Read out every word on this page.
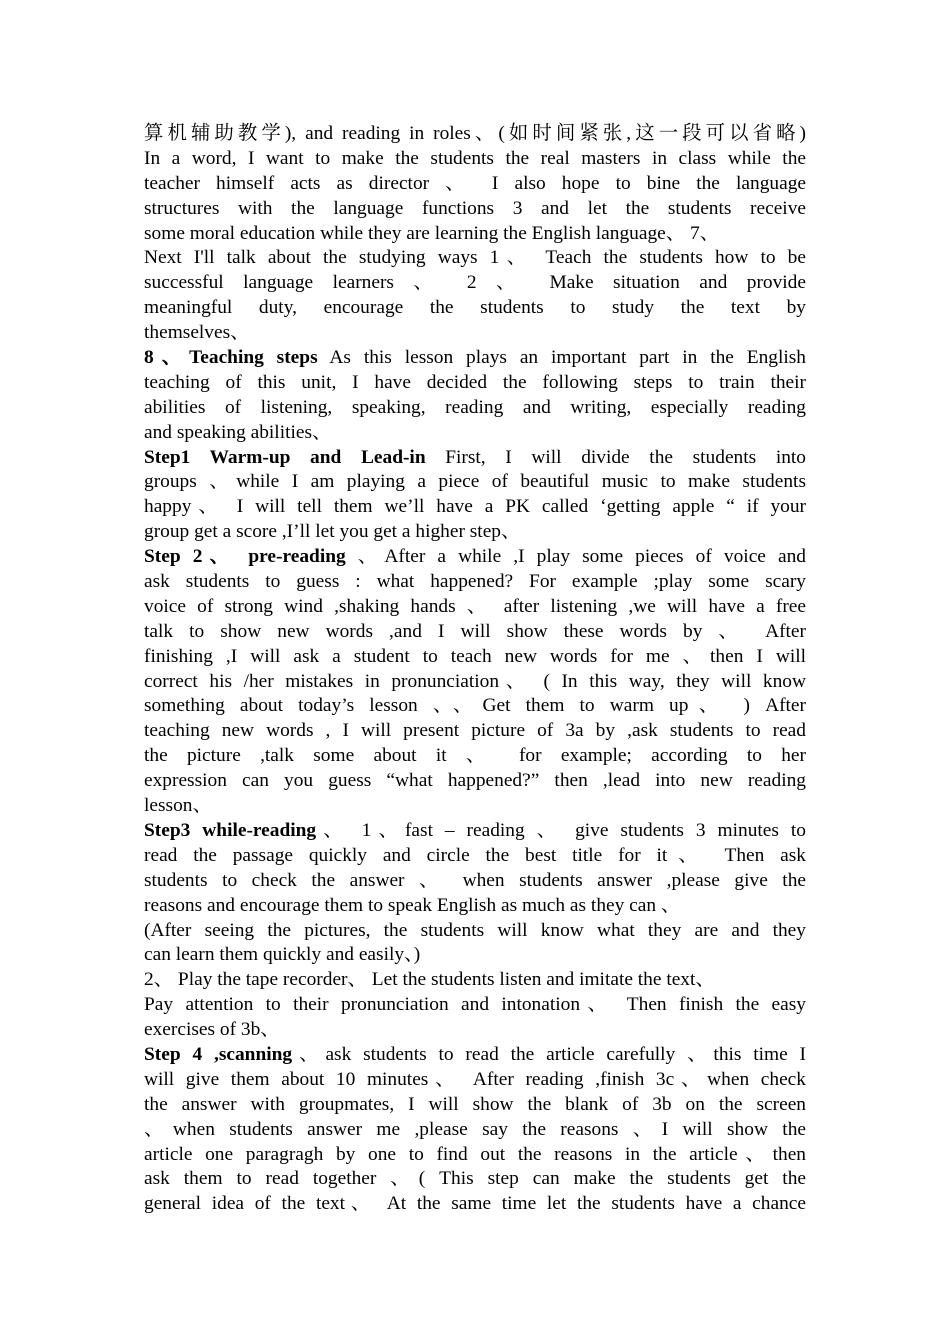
算机辅助教学), and reading in roles、(如时间紧张,这一段可以省略)
In a word, I want to make the students the real masters in class while the
teacher himself acts as director 、 I also hope to bine the language
structures with the language functions 3 and let the students receive
some moral education while they are learning the English language、 7、
Next I'll talk about the studying ways 1、 Teach the students how to be
successful language learners 、 2 、 Make situation and provide
meaningful duty, encourage the students to study the text by
themselves、
8、Teaching steps As this lesson plays an important part in the English
teaching of this unit, I have decided the following steps to train their
abilities of listening, speaking, reading and writing, especially reading
and speaking abilities、
Step1 Warm-up and Lead-in First, I will divide the students into
groups 、while I am playing a piece of beautiful music to make students
happy、 I will tell them we’ll have a PK called ‘getting apple “ if your
group get a score ,I’ll let you get a higher step、
Step 2、 pre-reading 、After a while ,I play some pieces of voice and
ask students to guess : what happened? For example ;play some scary
voice of strong wind ,shaking hands 、 after listening ,we will have a free
talk to show new words ,and I will show these words by 、 After
finishing ,I will ask a student to teach new words for me 、then I will
correct his /her mistakes in pronunciation、 ( In this way, they will know
something about today’s lesson 、、Get them to warm up、 ) After
teaching new words , I will present picture of 3a by ,ask students to read
the picture ,talk some about it 、 for example; according to her
expression can you guess “what happened?” then ,lead into new reading
lesson、
Step3 while-reading、 1、fast – reading 、 give students 3 minutes to
read the passage quickly and circle the best title for it、 Then ask
students to check the answer 、 when students answer ,please give the
reasons and encourage them to speak English as much as they can 、
(After seeing the pictures, the students will know what they are and they
can learn them quickly and easily、)
2、 Play the tape recorder、 Let the students listen and imitate the text、
Pay attention to their pronunciation and intonation、 Then finish the easy
exercises of 3b、
Step 4 ,scanning、ask students to read the article carefully 、this time I
will give them about 10 minutes、 After reading ,finish 3c、when check
the answer with groupmates, I will show the blank of 3b on the screen
、when students answer me ,please say the reasons 、I will show the
article one paragragh by one to find out the reasons in the article、then
ask them to read together 、( This step can make the students get the
general idea of the text、 At the same time let the students have a chance
